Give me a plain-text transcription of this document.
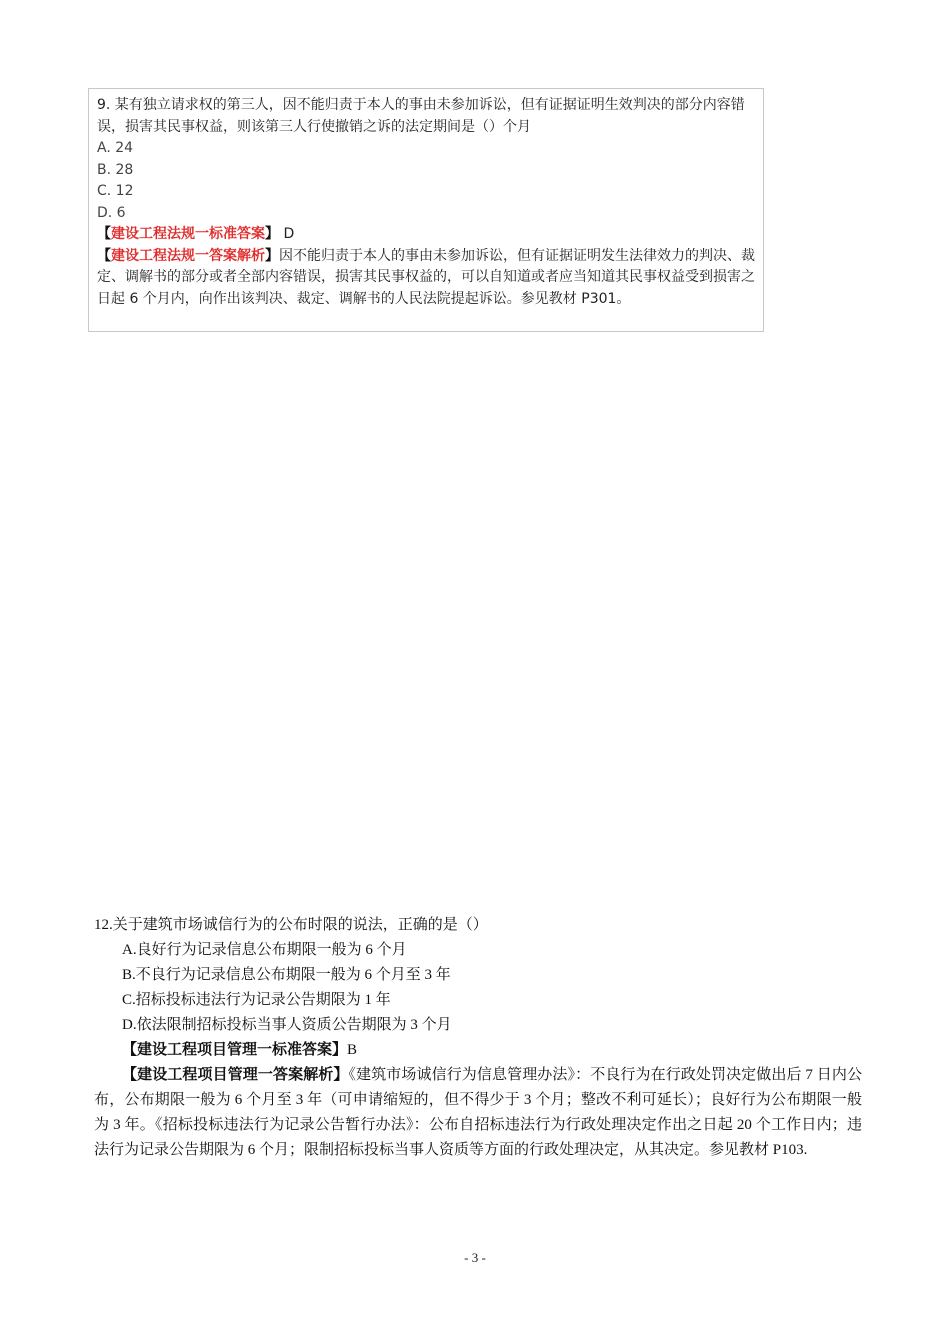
9. 某有独立请求权的第三人，因不能归责于本人的事由未参加诉讼，但有证据证明生效判决的部分内容错误，损害其民事权益，则该第三人行使撤销之诉的法定期间是（）个月

A. 24

B. 28

C. 12

D. 6

【建设工程法规一标准答案】 D

【建设工程法规一答案解析】因不能归责于本人的事由未参加诉讼，但有证据证明发生法律效力的判决、裁定、调解书的部分或者全部内容错误，损害其民事权益的，可以自知道或者应当知道其民事权益受到损害之日起 6 个月内，向作出该判决、裁定、调解书的人民法院提起诉讼。参见教材 P301。

12.关于建筑市场诚信行为的公布时限的说法，正确的是（）

A.良好行为记录信息公布期限一般为 6 个月

B.不良行为记录信息公布期限一般为 6 个月至 3 年

C.招标投标违法行为记录公告期限为 1 年

D.依法限制招标投标当事人资质公告期限为 3 个月

【建设工程项目管理一标准答案】B

【建设工程项目管理一答案解析】《建筑市场诚信行为信息管理办法》：不良行为在行政处罚决定做出后 7 日内公布，公布期限一般为 6 个月至 3 年（可申请缩短的，但不得少于 3 个月；整改不利可延长）；良好行为公布期限一般为 3 年。《招标投标违法行为记录公告暂行办法》：公布自招标违法行为行政处理决定作出之日起 20 个工作日内；违法行为记录公告期限为 6 个月；限制招标投标当事人资质等方面的行政处理决定，从其决定。参见教材 P103.

- 3 -
